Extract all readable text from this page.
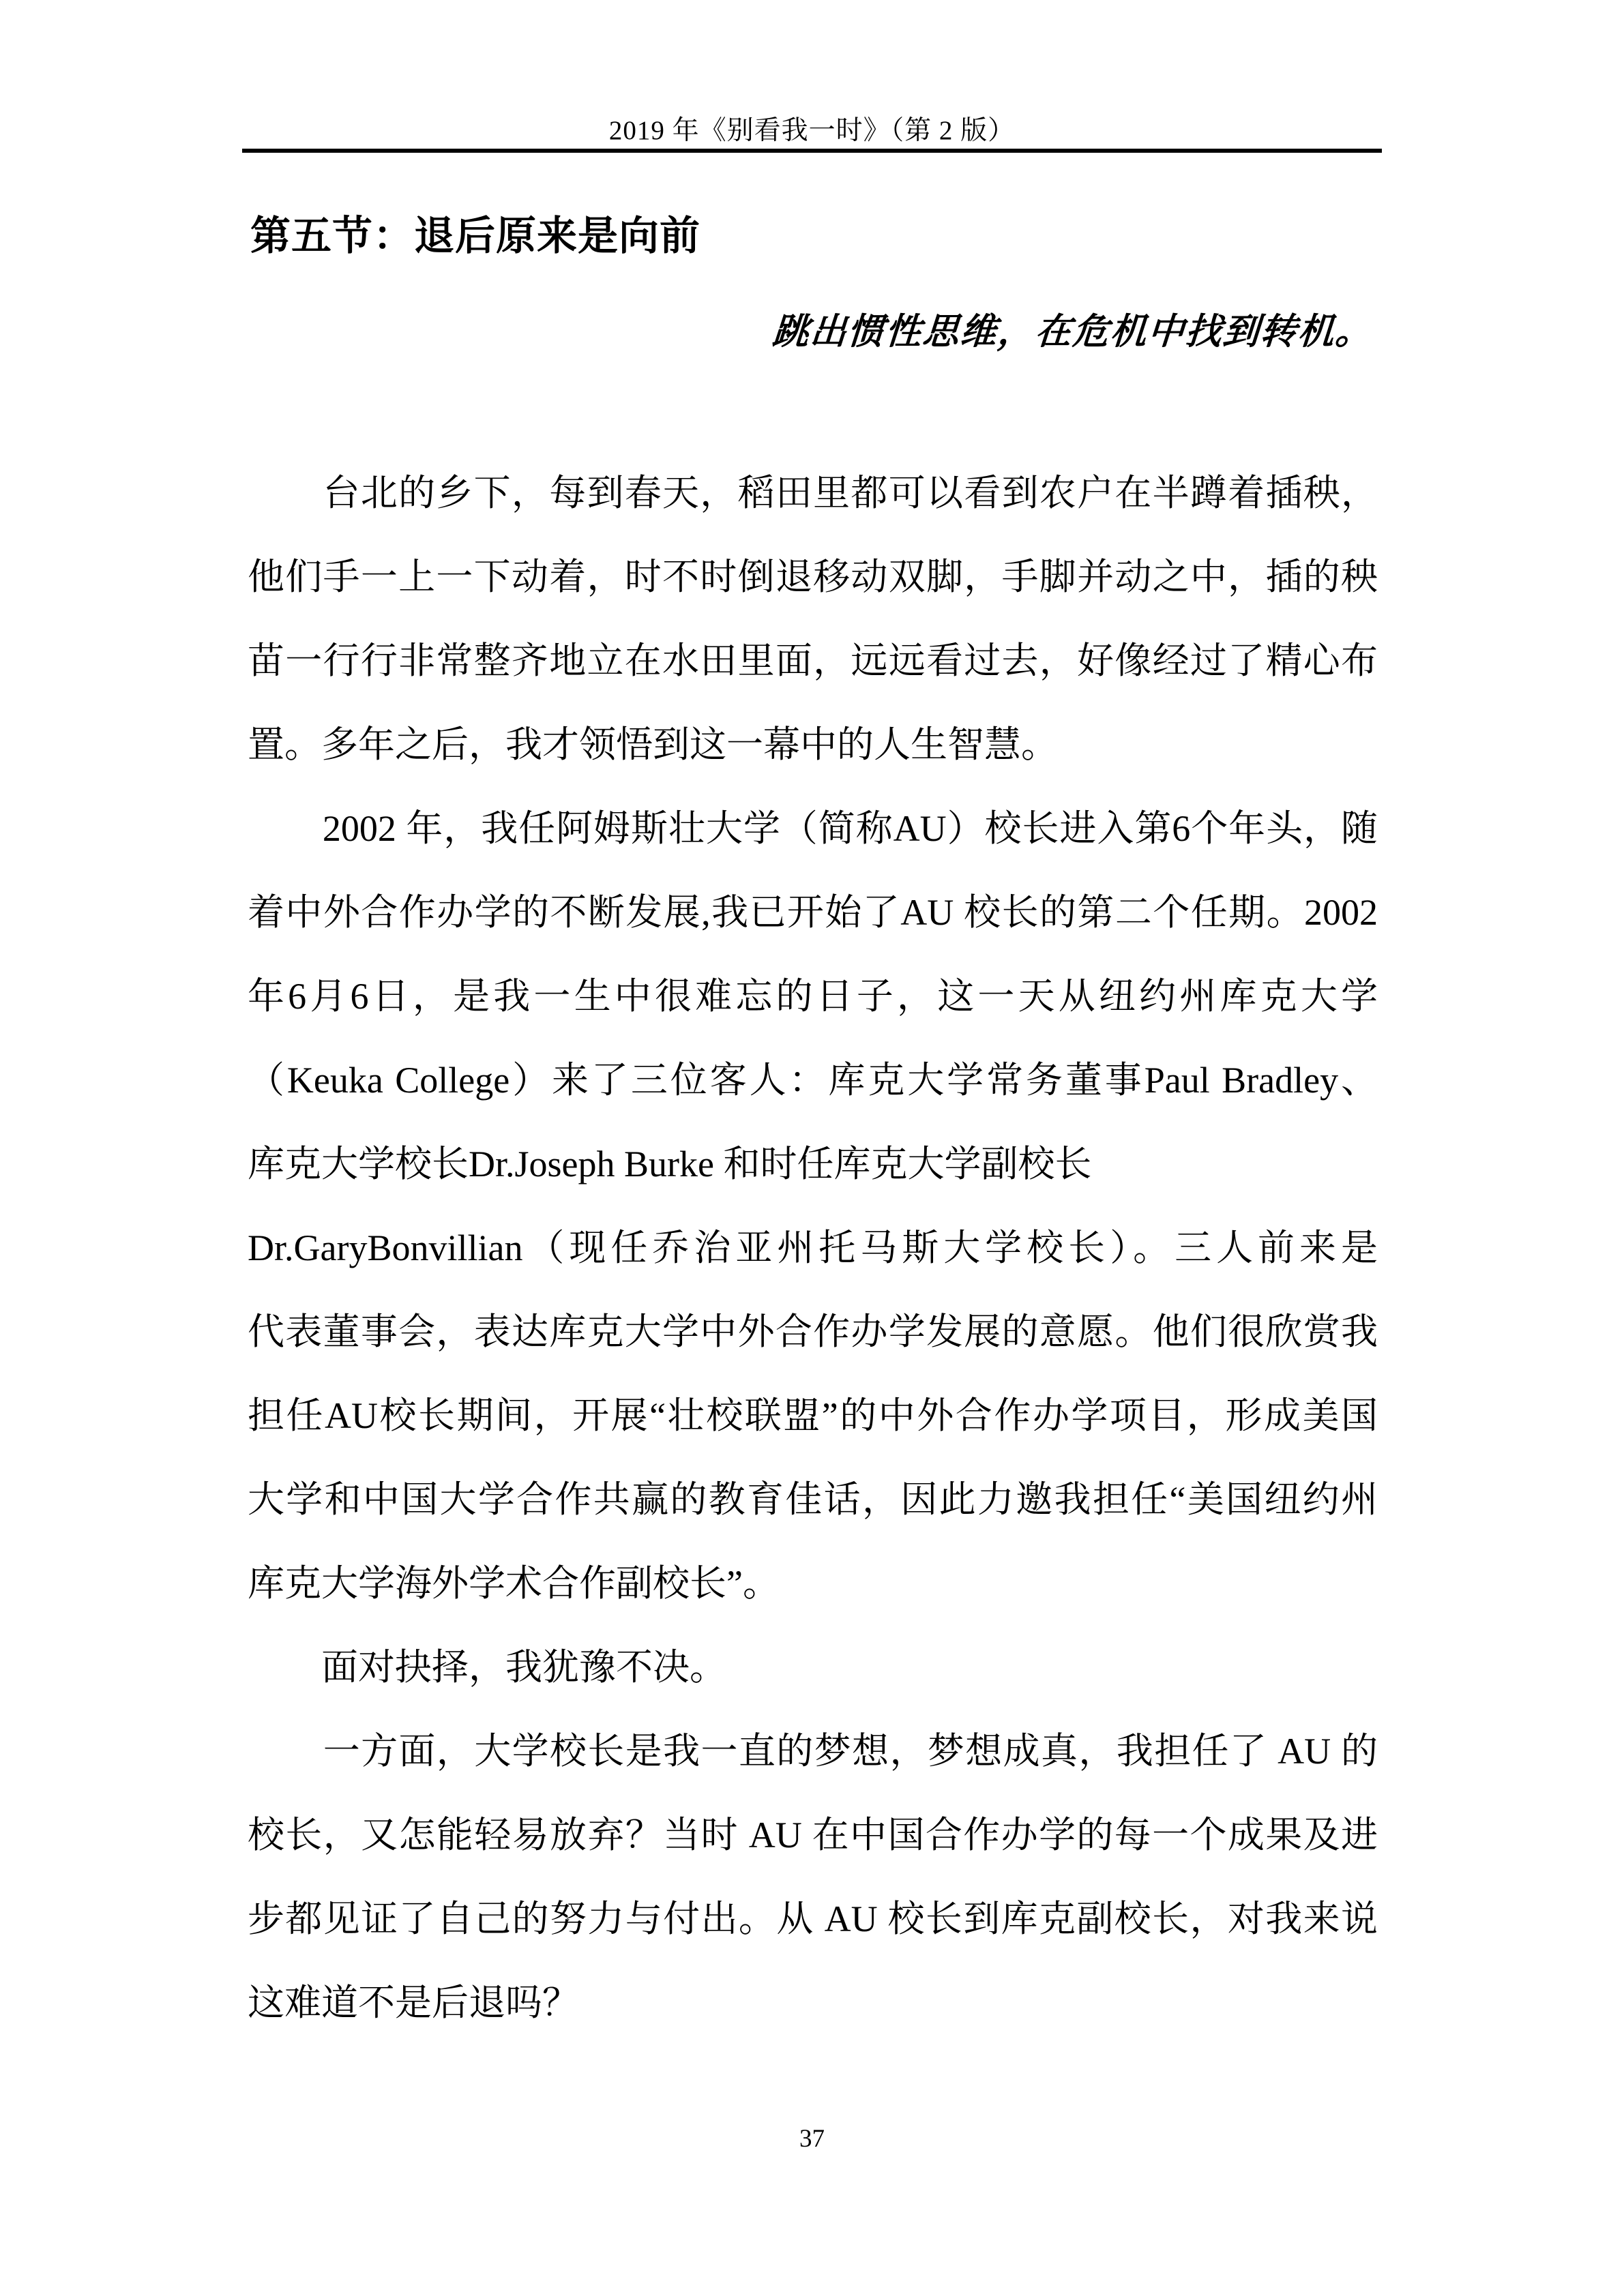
2019 年《别看我一时》（第 2 版）
第五节：退后原来是向前
跳出惯性思维，在危机中找到转机。
　　台北的乡下，每到春天，稻田里都可以看到农户在半蹲着插秧，
他们手一上一下动着，时不时倒退移动双脚，手脚并动之中，插的秧
苗一行行非常整齐地立在水田里面，远远看过去，好像经过了精心布
置。多年之后，我才领悟到这一幕中的人生智慧。
　　2002 年，我任阿姆斯壮大学（简称AU）校长进入第6个年头，随
着中外合作办学的不断发展,我已开始了AU 校长的第二个任期。2002
年6月6日，是我一生中很难忘的日子，这一天从纽约州库克大学
（Keuka College）来了三位客人：库克大学常务董事Paul Bradley、
库克大学校长Dr.Joseph Burke 和时任库克大学副校长
Dr.GaryBonvillian（现任乔治亚州托马斯大学校长）。三人前来是
代表董事会，表达库克大学中外合作办学发展的意愿。他们很欣赏我
担任AU校长期间，开展“壮校联盟”的中外合作办学项目，形成美国
大学和中国大学合作共赢的教育佳话，因此力邀我担任“美国纽约州
库克大学海外学术合作副校长”。
　　面对抉择，我犹豫不决。
　　一方面，大学校长是我一直的梦想，梦想成真，我担任了 AU 的
校长，又怎能轻易放弃？当时 AU 在中国合作办学的每一个成果及进
步都见证了自己的努力与付出。从 AU 校长到库克副校长，对我来说
这难道不是后退吗？
37
